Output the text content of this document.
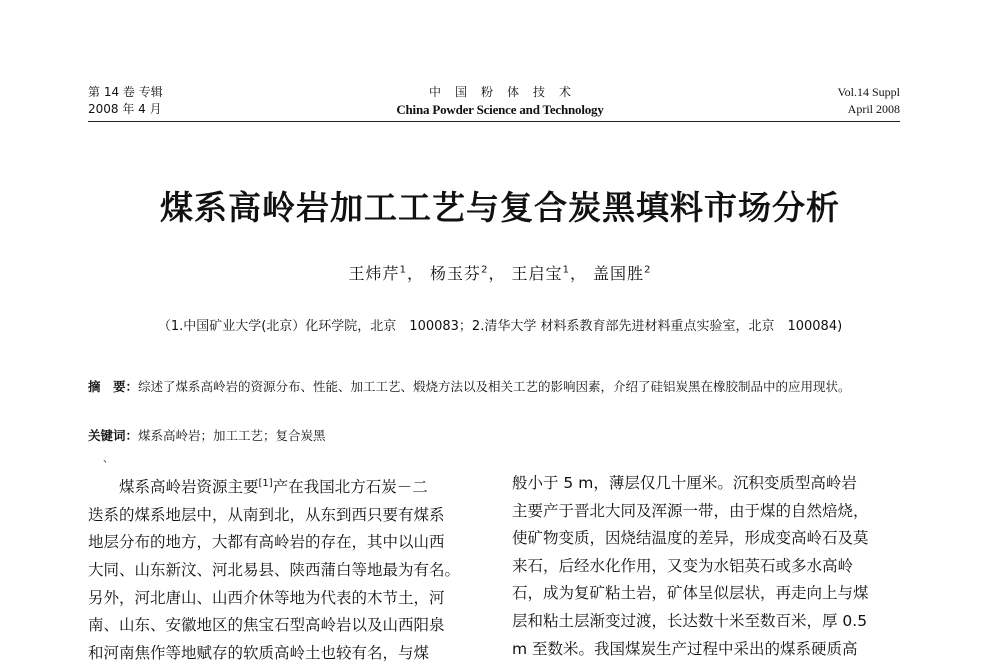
第 14 卷 专辑
2008 年 4 月
中国粉体技术
China Powder Science and Technology
Vol.14 Suppl
April 2008
煤系高岭岩加工工艺与复合炭黑填料市场分析
王炜芹$^1$， 杨玉芬$^2$， 王启宝$^1$， 盖国胜$^2$
（1.中国矿业大学(北京）化环学院，北京　100083；2.清华大学 材料系教育部先进材料重点实验室，北京　100084)
摘　要：综述了煤系高岭岩的资源分布、性能、加工工艺、煅烧方法以及相关工艺的影响因素，介绍了硅铝炭黑在橡胶制品中的应用现状。
关键词：煤系高岭岩；加工工艺；复合炭黑
、

煤系高岭岩资源主要[1]产在我国北方石炭－二

迭系的煤系地层中，从南到北，从东到西只要有煤系

地层分布的地方，大都有高岭岩的存在，其中以山西

大同、山东新汶、河北易县、陕西蒲白等地最为有名。

另外，河北唐山、山西介休等地为代表的木节土，河

南、山东、安徽地区的焦宝石型高岭岩以及山西阳泉

和河南焦作等地赋存的软质高岭土也较有名，与煤

般小于 5 m，薄层仅几十厘米。沉积变质型高岭岩

主要产于晋北大同及浑源一带，由于煤的自然焙烧，

使矿物变质，因烧结温度的差异，形成变高岭石及莫

来石，后经水化作用，又变为水铝英石或多水高岭

石，成为复矿粘土岩，矿体呈似层状，再走向上与煤

层和粘土层渐变过渡，长达数十米至数百米，厚 0.5

m 至数米。我国煤炭生产过程中采出的煤系硬质高
